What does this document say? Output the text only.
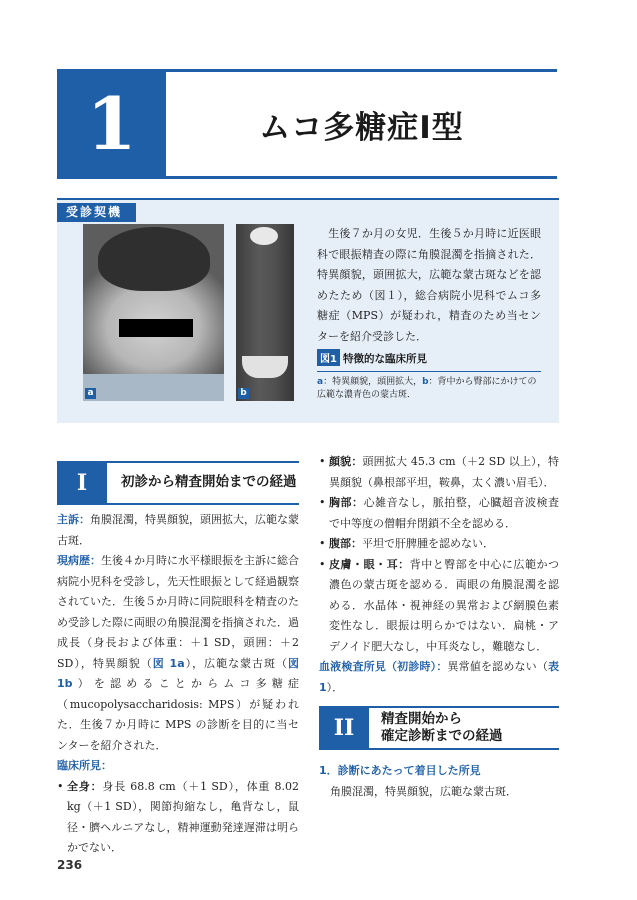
1	ムコ多糖症I型
受診契機
a	b
　生後７か月の女児．生後５か月時に近医眼科で眼振精査の際に角膜混濁を指摘された．特異顔貌，頭囲拡大，広範な蒙古斑などを認めたため（図１），総合病院小児科でムコ多糖症（MPS）が疑われ，精査のため当センターを紹介受診した．
図1 特徴的な臨床所見
a：特異顔貌，頭囲拡大，b：背中から臀部にかけての広範な濃青色の蒙古斑．
I	初診から精査開始までの経過

主訴：角膜混濁，特異顔貌，頭囲拡大，広範な蒙古斑．

現病歴：生後４か月時に水平様眼振を主訴に総合病院小児科を受診し，先天性眼振として経過観察されていた．生後５か月時に同院眼科を精査のため受診した際に両眼の角膜混濁を指摘された．過成長（身長および体重：＋1 SD，頭囲：＋2 SD），特異顔貌（図 1a），広範な蒙古斑（図 1b）を認めることからムコ多糖症（mucopolysaccharidosis: MPS）が疑われた．生後７か月時に MPS の診断を目的に当センターを紹介された．

臨床所見：

• 全身：身長 68.8 cm（＋1 SD），体重 8.02 kg（＋1 SD），関節拘縮なし，亀背なし，鼠径・臍ヘルニアなし，精神運動発達遅滞は明らかでない．

• 顔貌：頭囲拡大 45.3 cm（＋2 SD 以上），特異顔貌（鼻根部平坦，鞍鼻，太く濃い眉毛）．

• 胸部：心雑音なし，脈拍整，心臓超音波検査で中等度の僧帽弁閉鎖不全を認める．

• 腹部：平坦で肝脾腫を認めない．

• 皮膚・眼・耳：背中と臀部を中心に広範かつ濃色の蒙古斑を認める．両眼の角膜混濁を認める．水晶体・視神経の異常および網膜色素変性なし．眼振は明らかではない．扁桃・アデノイド肥大なし，中耳炎なし，難聴なし．

血液検査所見（初診時）：異常値を認めない（表 1）．

II	精査開始から
確定診断までの経過

1．診断にあたって着目した所見

　角膜混濁，特異顔貌，広範な蒙古斑．

236
